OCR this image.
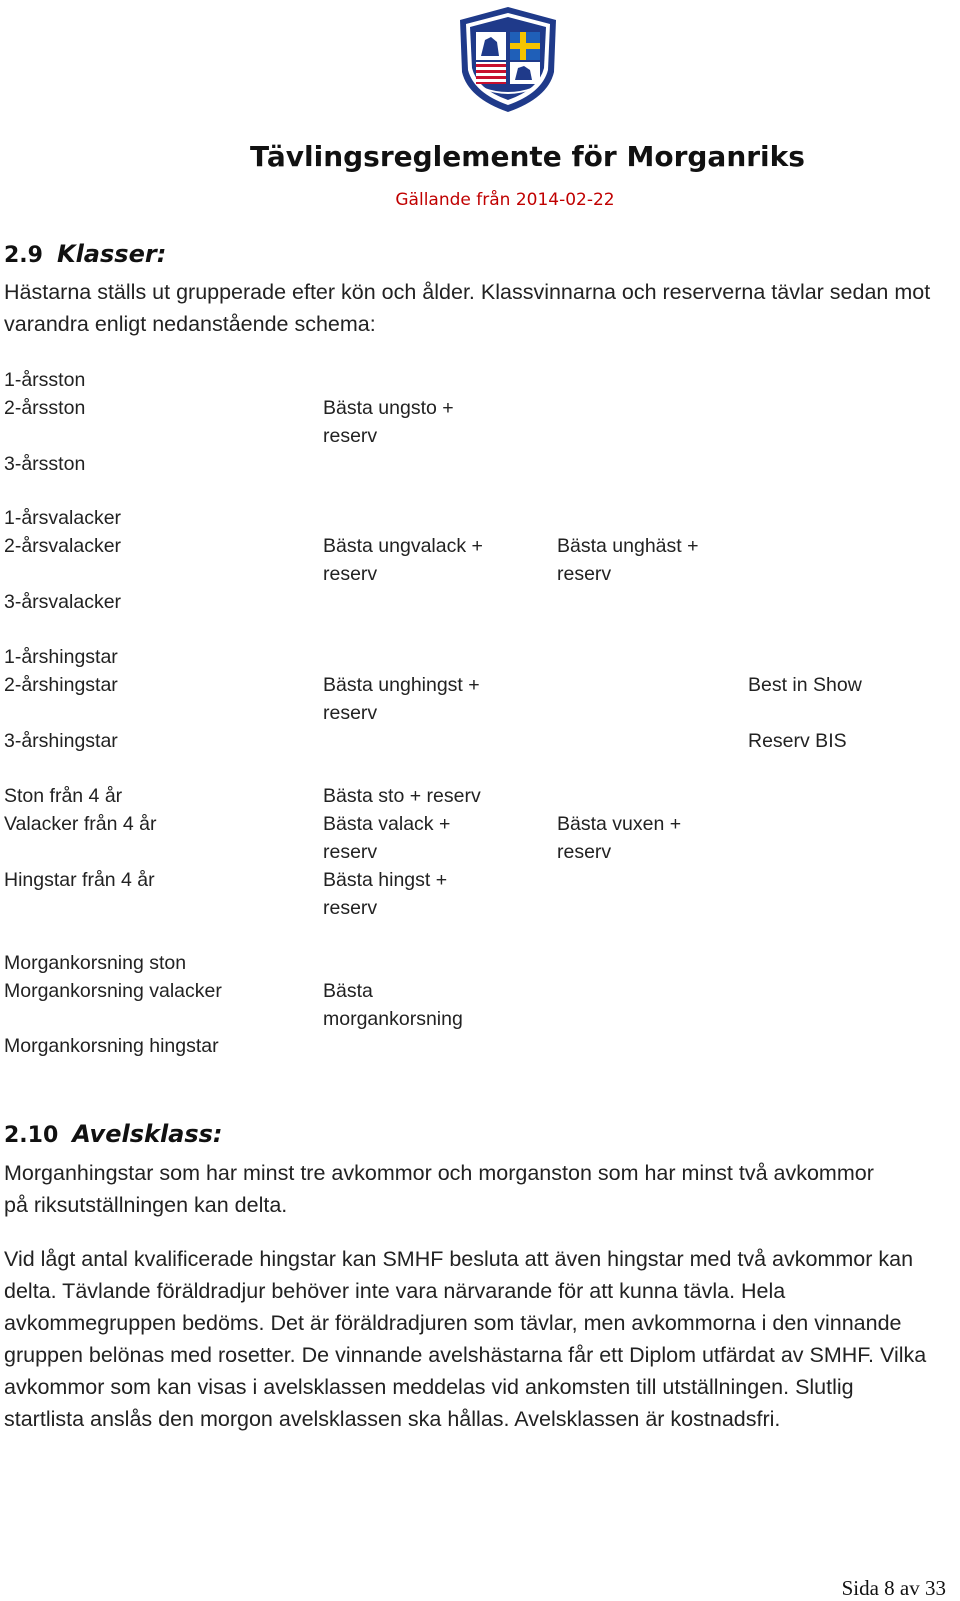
Tävlingsreglemente för Morganriks
Gällande från 2014-02-22
2.9 Klasser:
Hästarna ställs ut grupperade efter kön och ålder. Klassvinnarna och reserverna tävlar sedan mot varandra enligt nedanstående schema:
1-årsston
2-årsston
3-årsston
Bästa ungsto + reserv
1-årsvalacker
2-årsvalacker
3-årsvalacker
Bästa ungvalack + reserv
Bästa unghäst + reserv
1-årshingstar
2-årshingstar
3-årshingstar
Bästa unghingst + reserv
Best in Show
Reserv BIS
Ston från 4 år
Valacker från 4 år
Hingstar från 4 år
Bästa sto + reserv
Bästa valack + reserv
Bästa hingst + reserv
Bästa vuxen + reserv
Morgankorsning ston
Morgankorsning valacker
Morgankorsning hingstar
Bästa morgankorsning
2.10 Avelsklass:
Morganhingstar som har minst tre avkommor och morganston som har minst två avkommor på riksutställningen kan delta.
Vid lågt antal kvalificerade hingstar kan SMHF besluta att även hingstar med två avkommor kan delta. Tävlande föräldradjur behöver inte vara närvarande för att kunna tävla. Hela avkommegruppen bedöms. Det är föräldradjuren som tävlar, men avkommorna i den vinnande gruppen belönas med rosetter. De vinnande avelshästarna får ett Diplom utfärdat av SMHF. Vilka avkommor som kan visas i avelsklassen meddelas vid ankomsten till utställningen. Slutlig startlista anslås den morgon avelsklassen ska hållas. Avelsklassen är kostnadsfri.
Sida 8 av 33
